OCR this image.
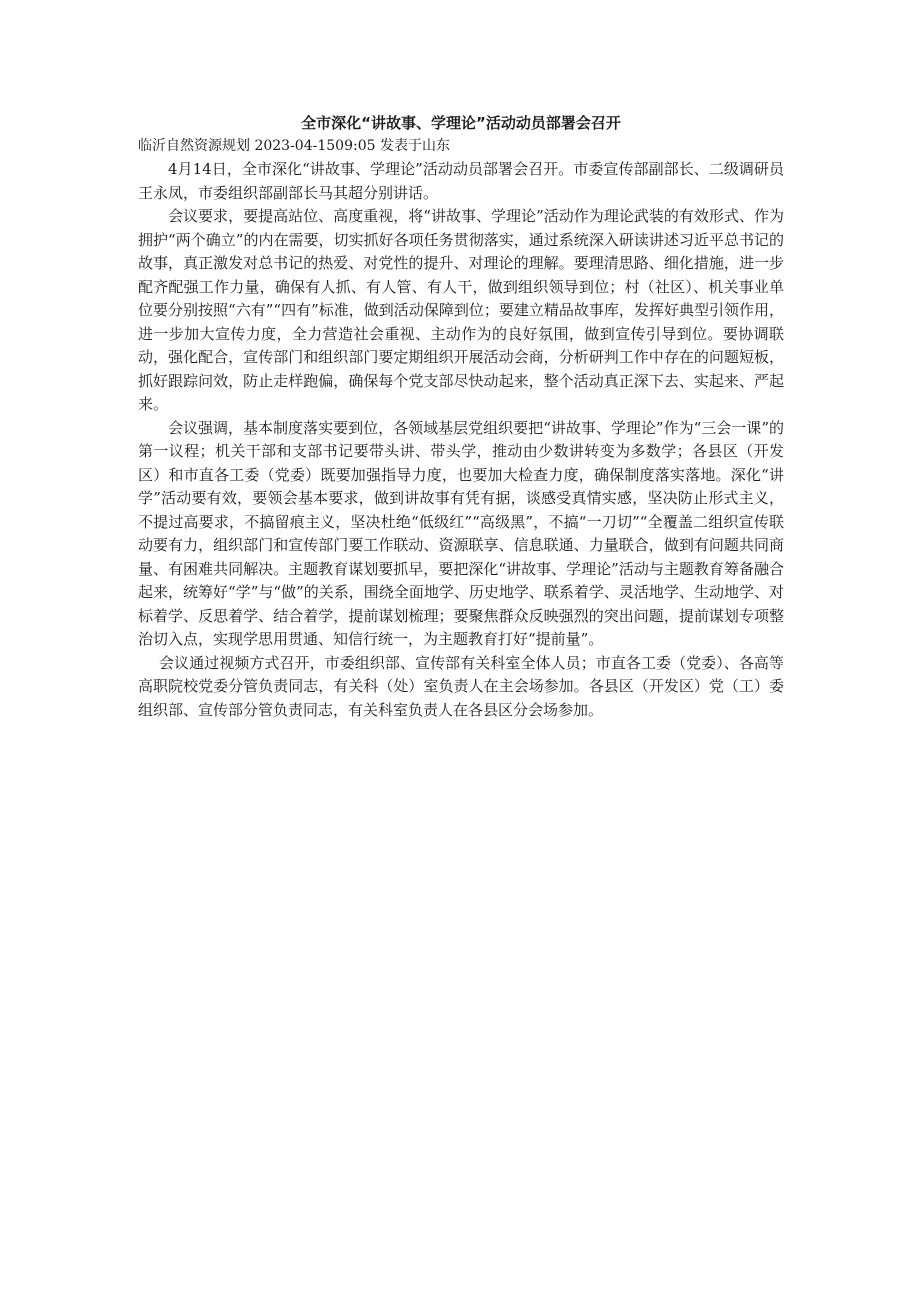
全市深化“讲故事、学理论”活动动员部署会召开
临沂自然资源规划 2023-04-1509:05 发表于山东

4月14日，全市深化“讲故事、学理论”活动动员部署会召开。市委宣传部副部长、二级调研员王永凤，市委组织部副部长马其超分别讲话。

会议要求，要提高站位、高度重视，将“讲故事、学理论”活动作为理论武装的有效形式、作为拥护“两个确立”的内在需要，切实抓好各项任务贯彻落实，通过系统深入研读讲述习近平总书记的故事，真正激发对总书记的热爱、对党性的提升、对理论的理解。要理清思路、细化措施，进一步配齐配强工作力量，确保有人抓、有人管、有人干，做到组织领导到位；村（社区）、机关事业单位要分别按照“六有”“四有”标准，做到活动保障到位；要建立精品故事库，发挥好典型引领作用，进一步加大宣传力度，全力营造社会重视、主动作为的良好氛围，做到宣传引导到位。要协调联动，强化配合，宣传部门和组织部门要定期组织开展活动会商，分析研判工作中存在的问题短板，抓好跟踪问效，防止走样跑偏，确保每个党支部尽快动起来，整个活动真正深下去、实起来、严起来。

会议强调，基本制度落实要到位，各领域基层党组织要把“讲故事、学理论”作为“三会一课”的第一议程；机关干部和支部书记要带头讲、带头学，推动由少数讲转变为多数学；各县区（开发区）和市直各工委（党委）既要加强指导力度，也要加大检查力度，确保制度落实落地。深化“讲学”活动要有效，要领会基本要求，做到讲故事有凭有据，谈感受真情实感，坚决防止形式主义，不提过高要求，不搞留痕主义，坚决杜绝“低级红”“高级黑”，不搞“一刀切”“全覆盖二组织宣传联动要有力，组织部门和宣传部门要工作联动、资源联享、信息联通、力量联合，做到有问题共同商量、有困难共同解决。主题教育谋划要抓早，要把深化“讲故事、学理论”活动与主题教育筹备融合起来，统筹好“学”与“做”的关系，围绕全面地学、历史地学、联系着学、灵活地学、生动地学、对标着学、反思着学、结合着学，提前谋划梳理；要聚焦群众反映强烈的突出问题，提前谋划专项整治切入点，实现学思用贯通、知信行统一，为主题教育打好“提前量”。

会议通过视频方式召开，市委组织部、宣传部有关科室全体人员；市直各工委（党委）、各高等高职院校党委分管负责同志，有关科（处）室负责人在主会场参加。各县区（开发区）党（工）委组织部、宣传部分管负责同志，有关科室负责人在各县区分会场参加。
